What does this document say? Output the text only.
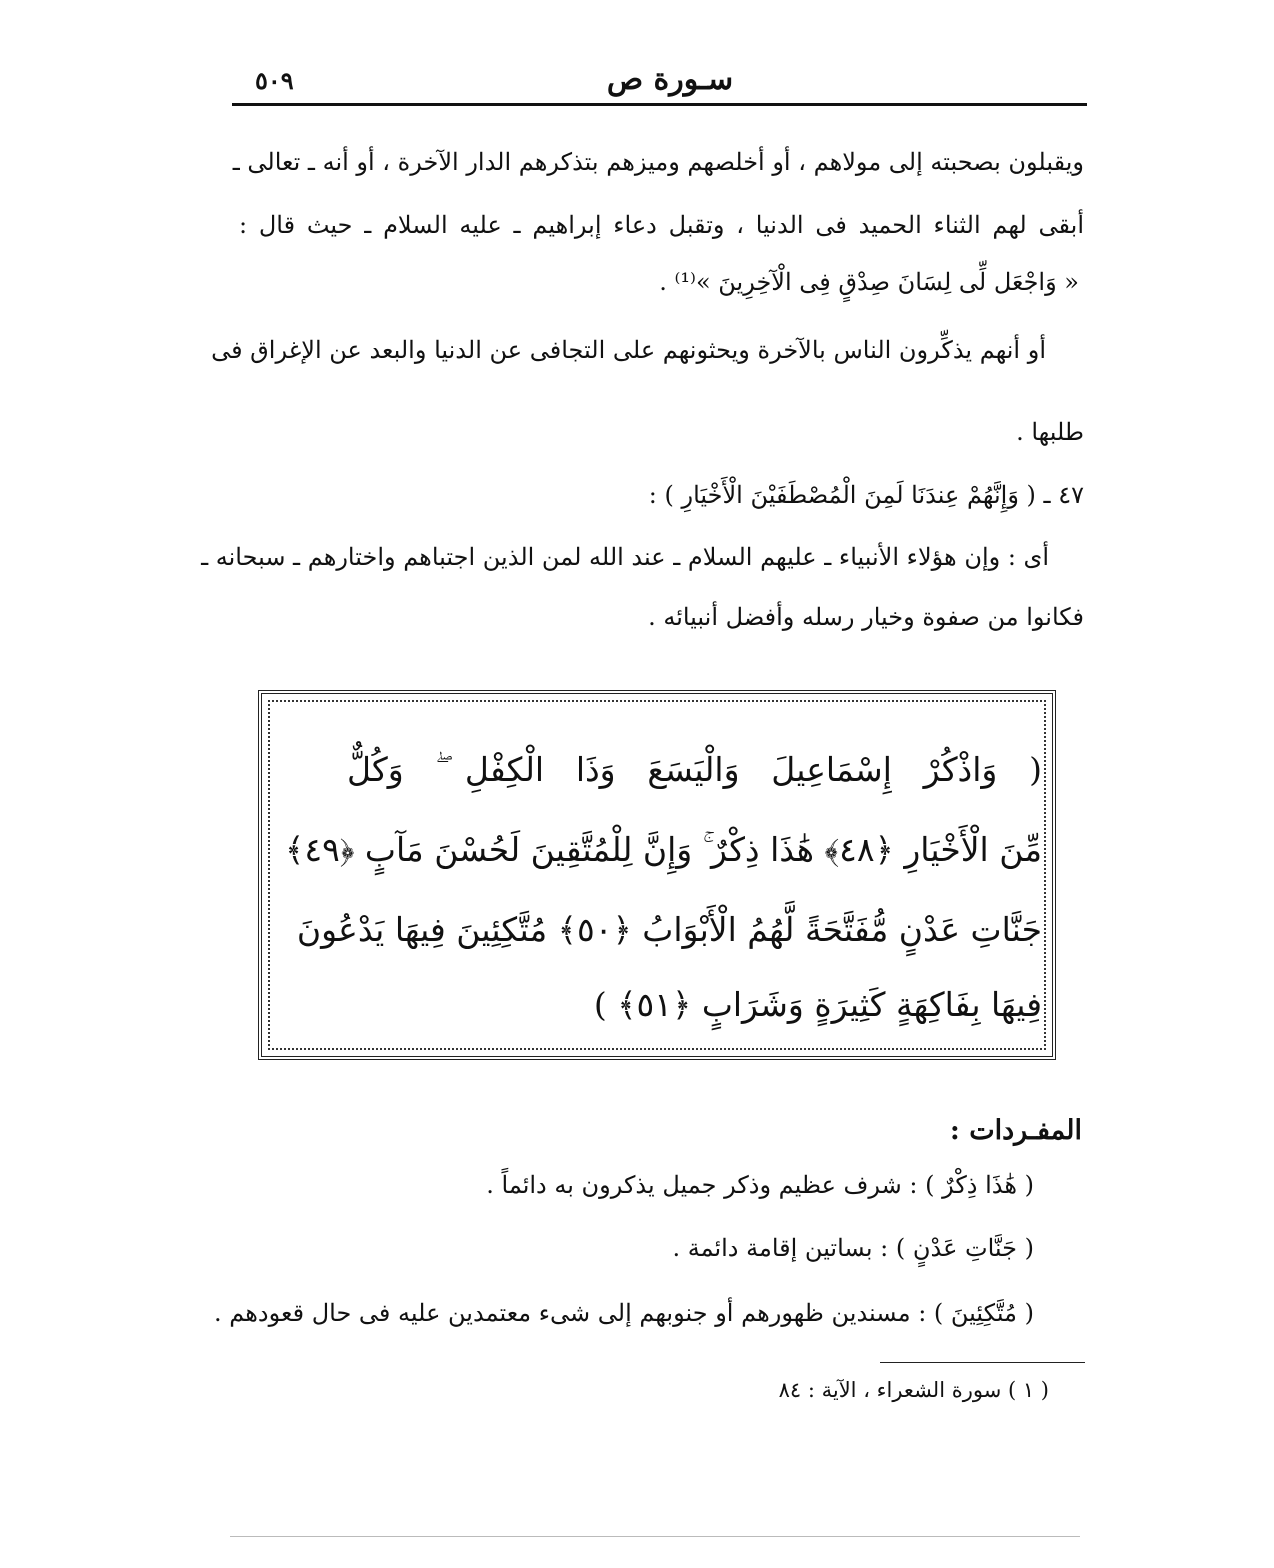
سـورة ص
٥٠٩
ويقبلون بصحبته إلى مولاهم ، أو أخلصهم وميزهم بتذكرهم الدار الآخرة ، أو أنه ـ تعالى ـ
أبقى لهم الثناء الحميد فى الدنيا ، وتقبل دعاء إبراهيم ـ عليه السلام ـ حيث قال :
« وَاجْعَل لِّى لِسَانَ صِدْقٍ فِى الْآخِرِينَ »⁽¹⁾ .
أو أنهم يذكِّرون الناس بالآخرة ويحثونهم على التجافى عن الدنيا والبعد عن الإغراق فى
طلبها .
٤٧ ـ ( وَإِنَّهُمْ عِندَنَا لَمِنَ الْمُصْطَفَيْنَ الْأَخْيَارِ ) :
أى : وإن هؤلاء الأنبياء ـ عليهم السلام ـ عند الله لمن الذين اجتباهم واختارهم ـ سبحانه ـ
فكانوا من صفوة وخيار رسله وأفضل أنبيائه .
( وَاذْكُرْ إِسْمَاعِيلَ وَالْيَسَعَ وَذَا الْكِفْلِ ۖ وَكُلٌّ
مِّنَ الْأَخْيَارِ ﴿٤٨﴾ هَٰذَا ذِكْرٌ ۚ وَإِنَّ لِلْمُتَّقِينَ لَحُسْنَ مَآبٍ ﴿٤٩﴾
جَنَّاتِ عَدْنٍ مُّفَتَّحَةً لَّهُمُ الْأَبْوَابُ ﴿٥٠﴾ مُتَّكِئِينَ فِيهَا يَدْعُونَ
فِيهَا بِفَاكِهَةٍ كَثِيرَةٍ وَشَرَابٍ ﴿٥١﴾ )
المفـردات :
( هَٰذَا ذِكْرٌ ) : شرف عظيم وذكر جميل يذكرون به دائماً .
( جَنَّاتِ عَدْنٍ ) : بساتين إقامة دائمة .
( مُتَّكِئِينَ ) : مسندين ظهورهم أو جنوبهم إلى شىء معتمدين عليه فى حال قعودهم .
( ١ ) سورة الشعراء ، الآية : ٨٤
